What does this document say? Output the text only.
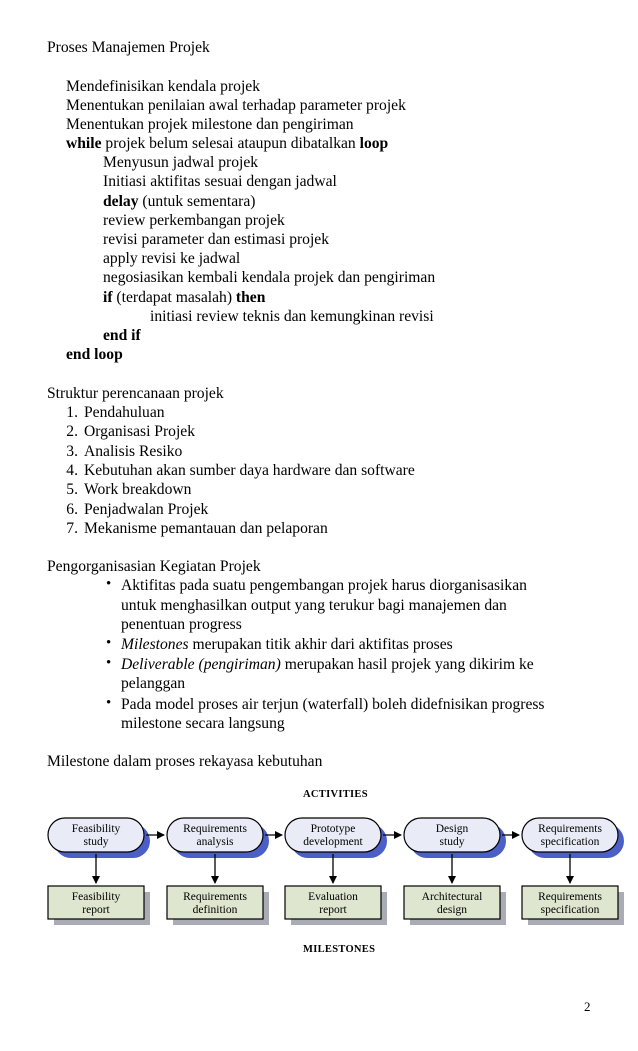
Proses Manajemen Projek
Mendefinisikan kendala projek
Menentukan penilaian awal terhadap parameter projek
Menentukan projek milestone dan pengiriman
while projek belum selesai ataupun dibatalkan loop
Menyusun jadwal projek
Initiasi aktifitas sesuai dengan jadwal
delay (untuk sementara)
review perkembangan projek
revisi parameter dan estimasi projek
apply revisi ke jadwal
negosiasikan kembali kendala projek dan pengiriman
if (terdapat masalah) then
initiasi review teknis dan kemungkinan revisi
end if
end loop
Struktur perencanaan projek
1. Pendahuluan
2. Organisasi Projek
3. Analisis Resiko
4. Kebutuhan akan sumber daya hardware dan software
5. Work breakdown
6. Penjadwalan Projek
7. Mekanisme pemantauan dan pelaporan
Pengorganisasian Kegiatan Projek
• Aktifitas pada suatu pengembangan projek harus diorganisasikan
untuk menghasilkan output yang terukur bagi manajemen dan
penentuan progress
• Milestones merupakan titik akhir dari aktifitas proses
• Deliverable (pengiriman) merupakan hasil projek yang dikirim ke
pelanggan
• Pada model proses air terjun (waterfall) boleh didefnisikan progress
milestone secara langsung
Milestone dalam proses rekayasa kebutuhan
ACTIVITIES
Feasibility
study
Requirements
analysis
Prototype
development
Design
study
Requirements
specification
Feasibility
report
Requirements
definition
Evaluation
report
Architectural
design
Requirements
specification
MILESTONES
2
